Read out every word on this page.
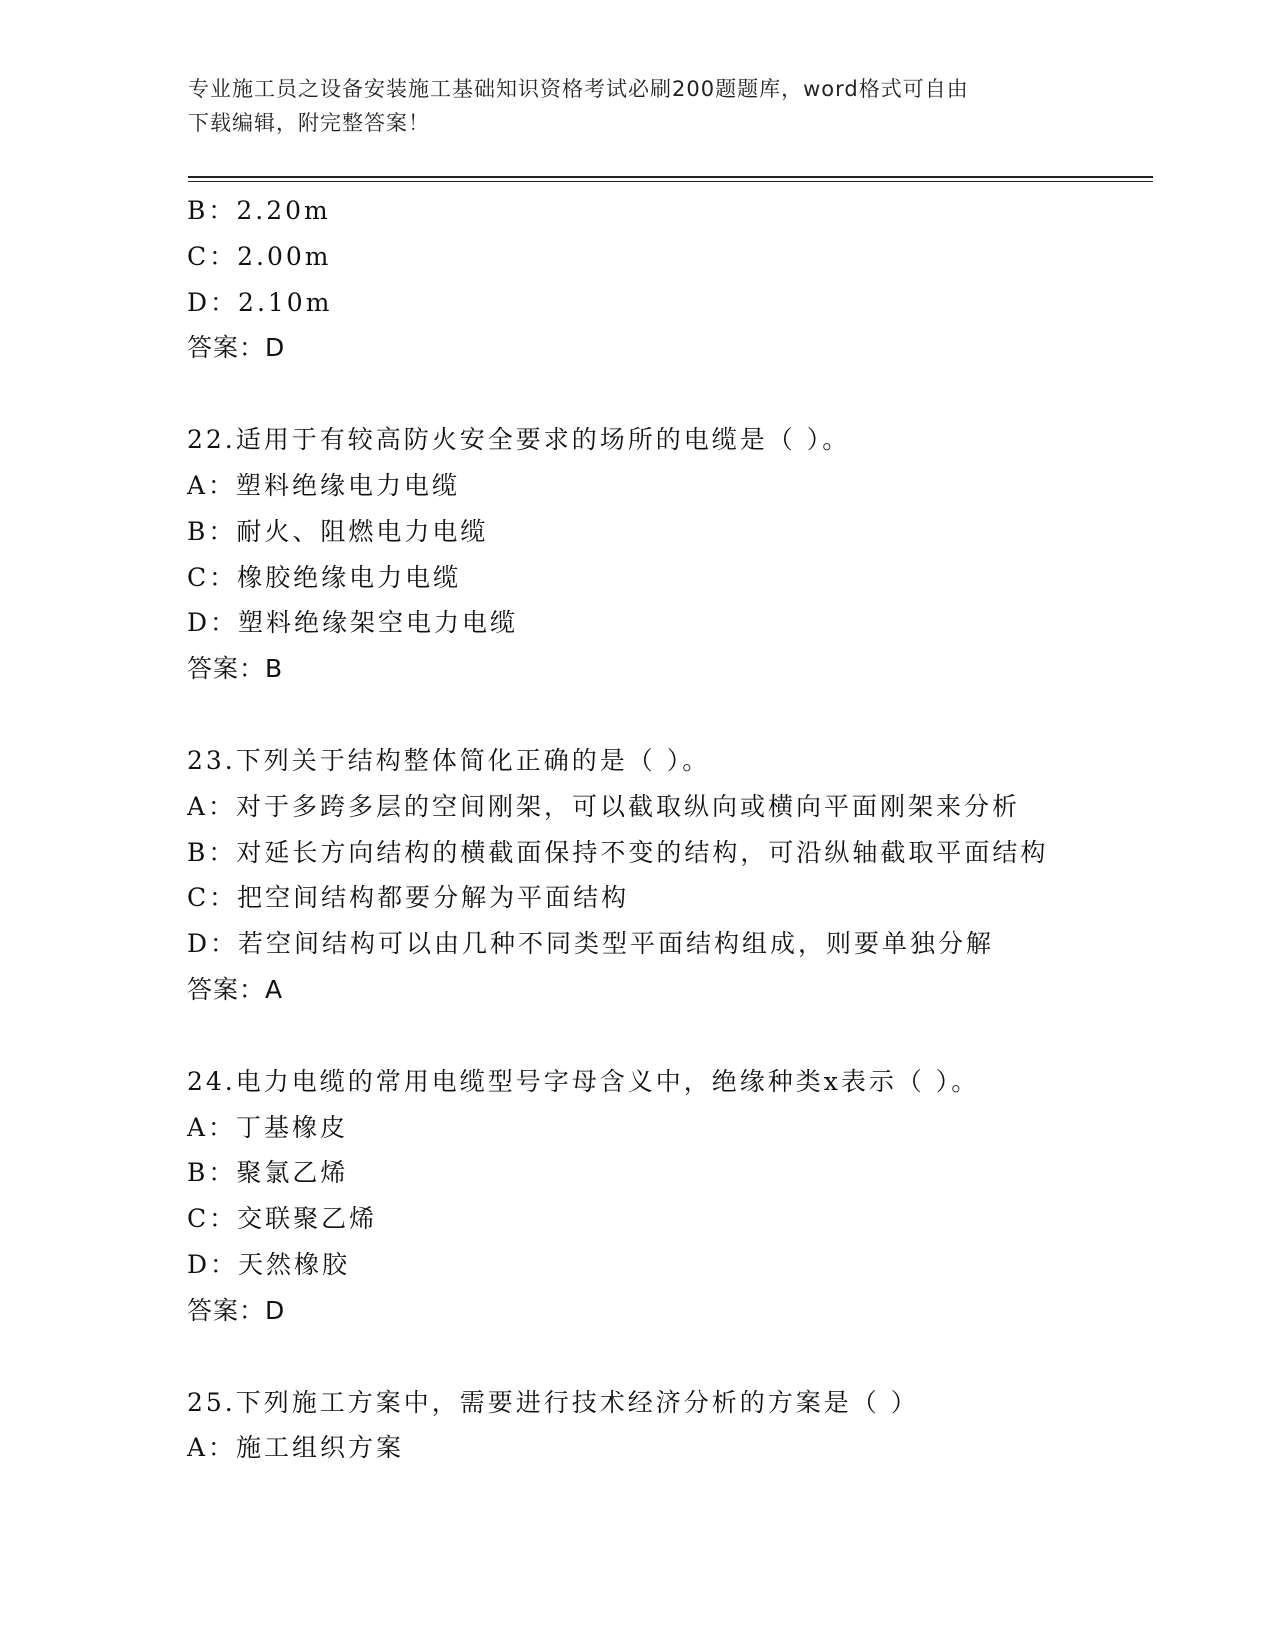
专业施工员之设备安装施工基础知识资格考试必刷200题题库，word格式可自由
下载编辑，附完整答案！
B：2.20m
C：2.00m
D：2.10m
答案：D
22.适用于有较高防火安全要求的场所的电缆是（ ）。
A：塑料绝缘电力电缆
B：耐火、阻燃电力电缆
C：橡胶绝缘电力电缆
D：塑料绝缘架空电力电缆
答案：B
23.下列关于结构整体简化正确的是（ ）。
A：对于多跨多层的空间刚架，可以截取纵向或横向平面刚架来分析
B：对延长方向结构的横截面保持不变的结构，可沿纵轴截取平面结构
C：把空间结构都要分解为平面结构
D：若空间结构可以由几种不同类型平面结构组成，则要单独分解
答案：A
24.电力电缆的常用电缆型号字母含义中，绝缘种类x表示（ ）。
A：丁基橡皮
B：聚氯乙烯
C：交联聚乙烯
D：天然橡胶
答案：D
25.下列施工方案中，需要进行技术经济分析的方案是（ ）
A：施工组织方案
